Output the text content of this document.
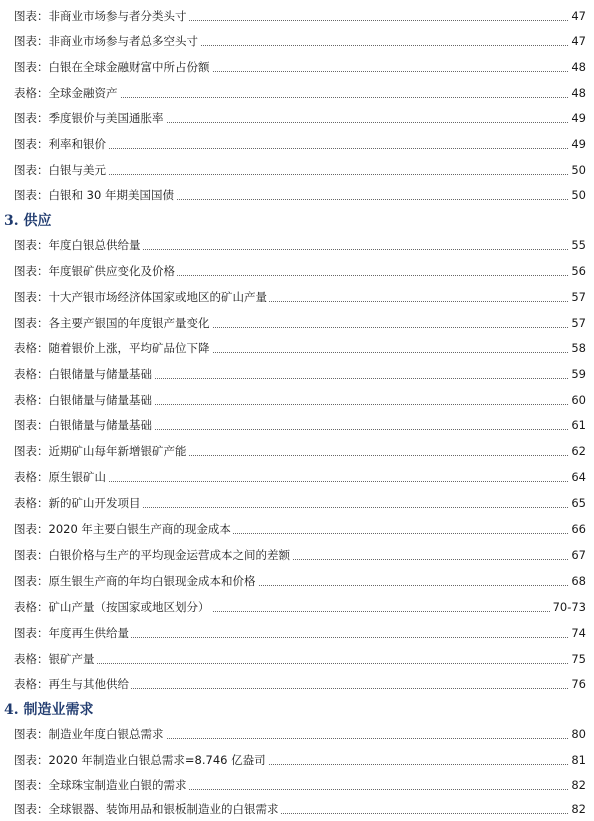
图表：非商业市场参与者分类头寸	47
图表：非商业市场参与者总多空头寸	47
图表：白银在全球金融财富中所占份额	48
表格：全球金融资产	48
图表：季度银价与美国通胀率	49
图表：利率和银价	49
图表：白银与美元	50
图表：白银和 30 年期美国国债	50
3. 供应
图表：年度白银总供给量	55
图表：年度银矿供应变化及价格	56
图表：十大产银市场经济体国家或地区的矿山产量	57
图表：各主要产银国的年度银产量变化	57
表格：随着银价上涨，平均矿品位下降	58
表格：白银储量与储量基础	59
表格：白银储量与储量基础	60
图表：白银储量与储量基础	61
图表：近期矿山每年新增银矿产能	62
表格：原生银矿山	64
表格：新的矿山开发项目	65
图表：2020 年主要白银生产商的现金成本	66
图表：白银价格与生产的平均现金运营成本之间的差额	67
图表：原生银生产商的年均白银现金成本和价格	68
表格：矿山产量（按国家或地区划分）	70-73
图表：年度再生供给量	74
表格：银矿产量	75
表格：再生与其他供给	76
4. 制造业需求
图表：制造业年度白银总需求	80
图表：2020 年制造业白银总需求=8.746 亿盎司	81
图表：全球珠宝制造业白银的需求	82
图表：全球银器、装饰用品和银板制造业的白银需求	82
